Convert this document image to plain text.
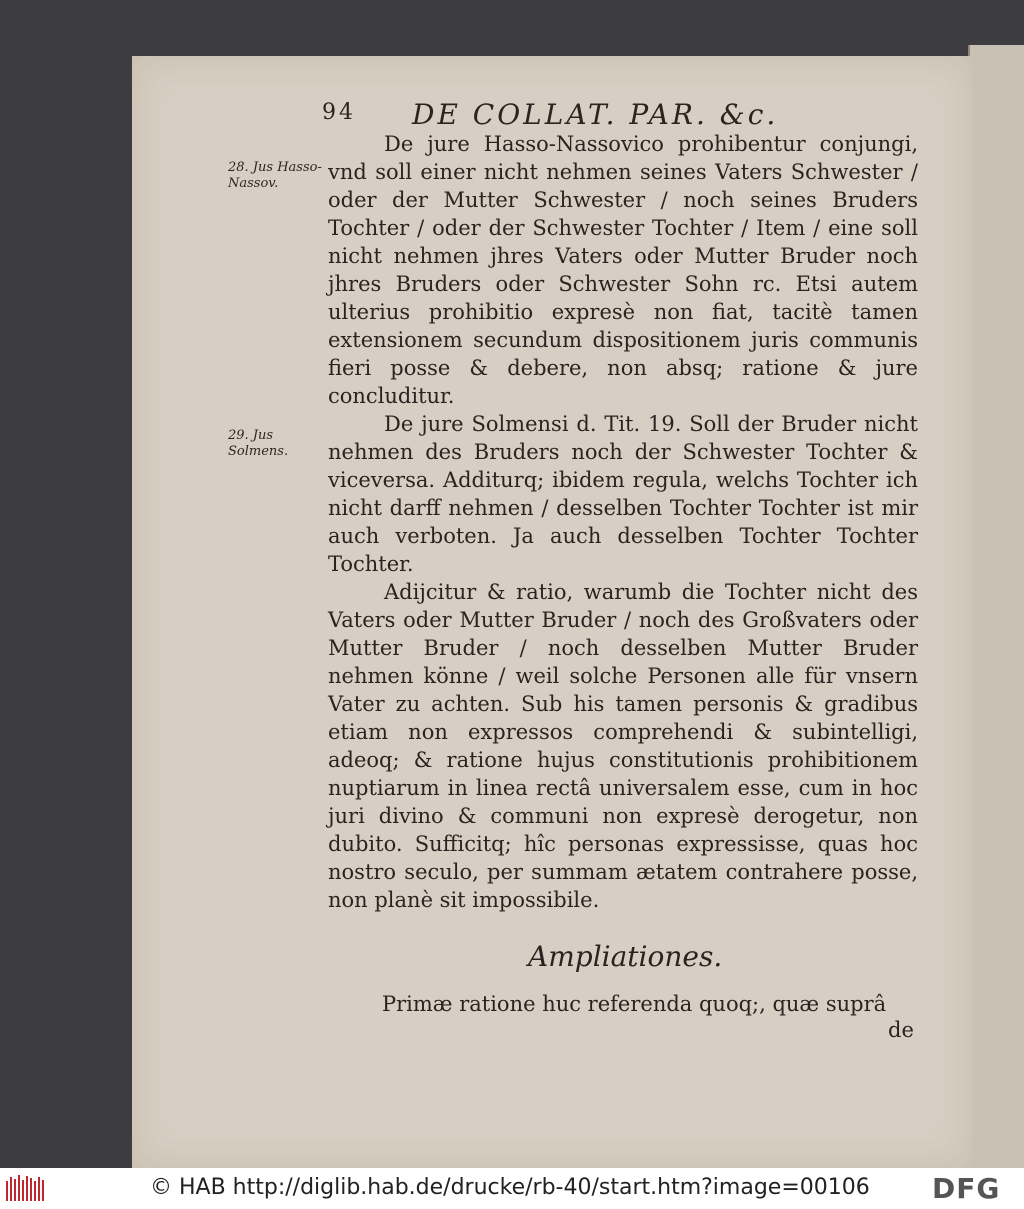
94 DE COLLAT. PAR. &c.
28. Jus Hasso-Nassov.
29. Jus Solmens.

De jure Hasso-Nassovico prohibentur conjungi, vnd soll einer nicht nehmen seines Vaters Schwester / oder der Mutter Schwester / noch seines Bruders Tochter / oder der Schwester Tochter / Item / eine soll nicht nehmen jhres Vaters oder Mutter Bruder noch jhres Bruders oder Schwester Sohn rc. Etsi autem ulterius prohibitio expresè non fiat, tacitè tamen extensionem secundum dispositionem juris communis fieri posse & debere, non absq; ratione & jure concluditur.

De jure Solmensi d. Tit. 19. Soll der Bruder nicht nehmen des Bruders noch der Schwester Tochter & viceversa. Additurq; ibidem regula, welchs Tochter ich nicht darff nehmen / desselben Tochter Tochter ist mir auch verboten. Ja auch desselben Tochter Tochter Tochter.

Adijcitur & ratio, warumb die Tochter nicht des Vaters oder Mutter Bruder / noch des Großvaters oder Mutter Bruder / noch desselben Mutter Bruder nehmen könne / weil solche Personen alle für vnsern Vater zu achten. Sub his tamen personis & gradibus etiam non expressos comprehendi & subintelligi, adeoq; & ratione hujus constitutionis prohibitionem nuptiarum in linea rectâ universalem esse, cum in hoc juri divino & communi non expresè derogetur, non dubito. Sufficitq; hîc personas expressisse, quas hoc nostro seculo, per summam ætatem contrahere posse, non planè sit impossibile.

Ampliationes.
Primæ ratione huc referenda quoq;, quæ suprâ
de
© HAB http://diglib.hab.de/drucke/rb-40/start.htm?image=00106 DFG
